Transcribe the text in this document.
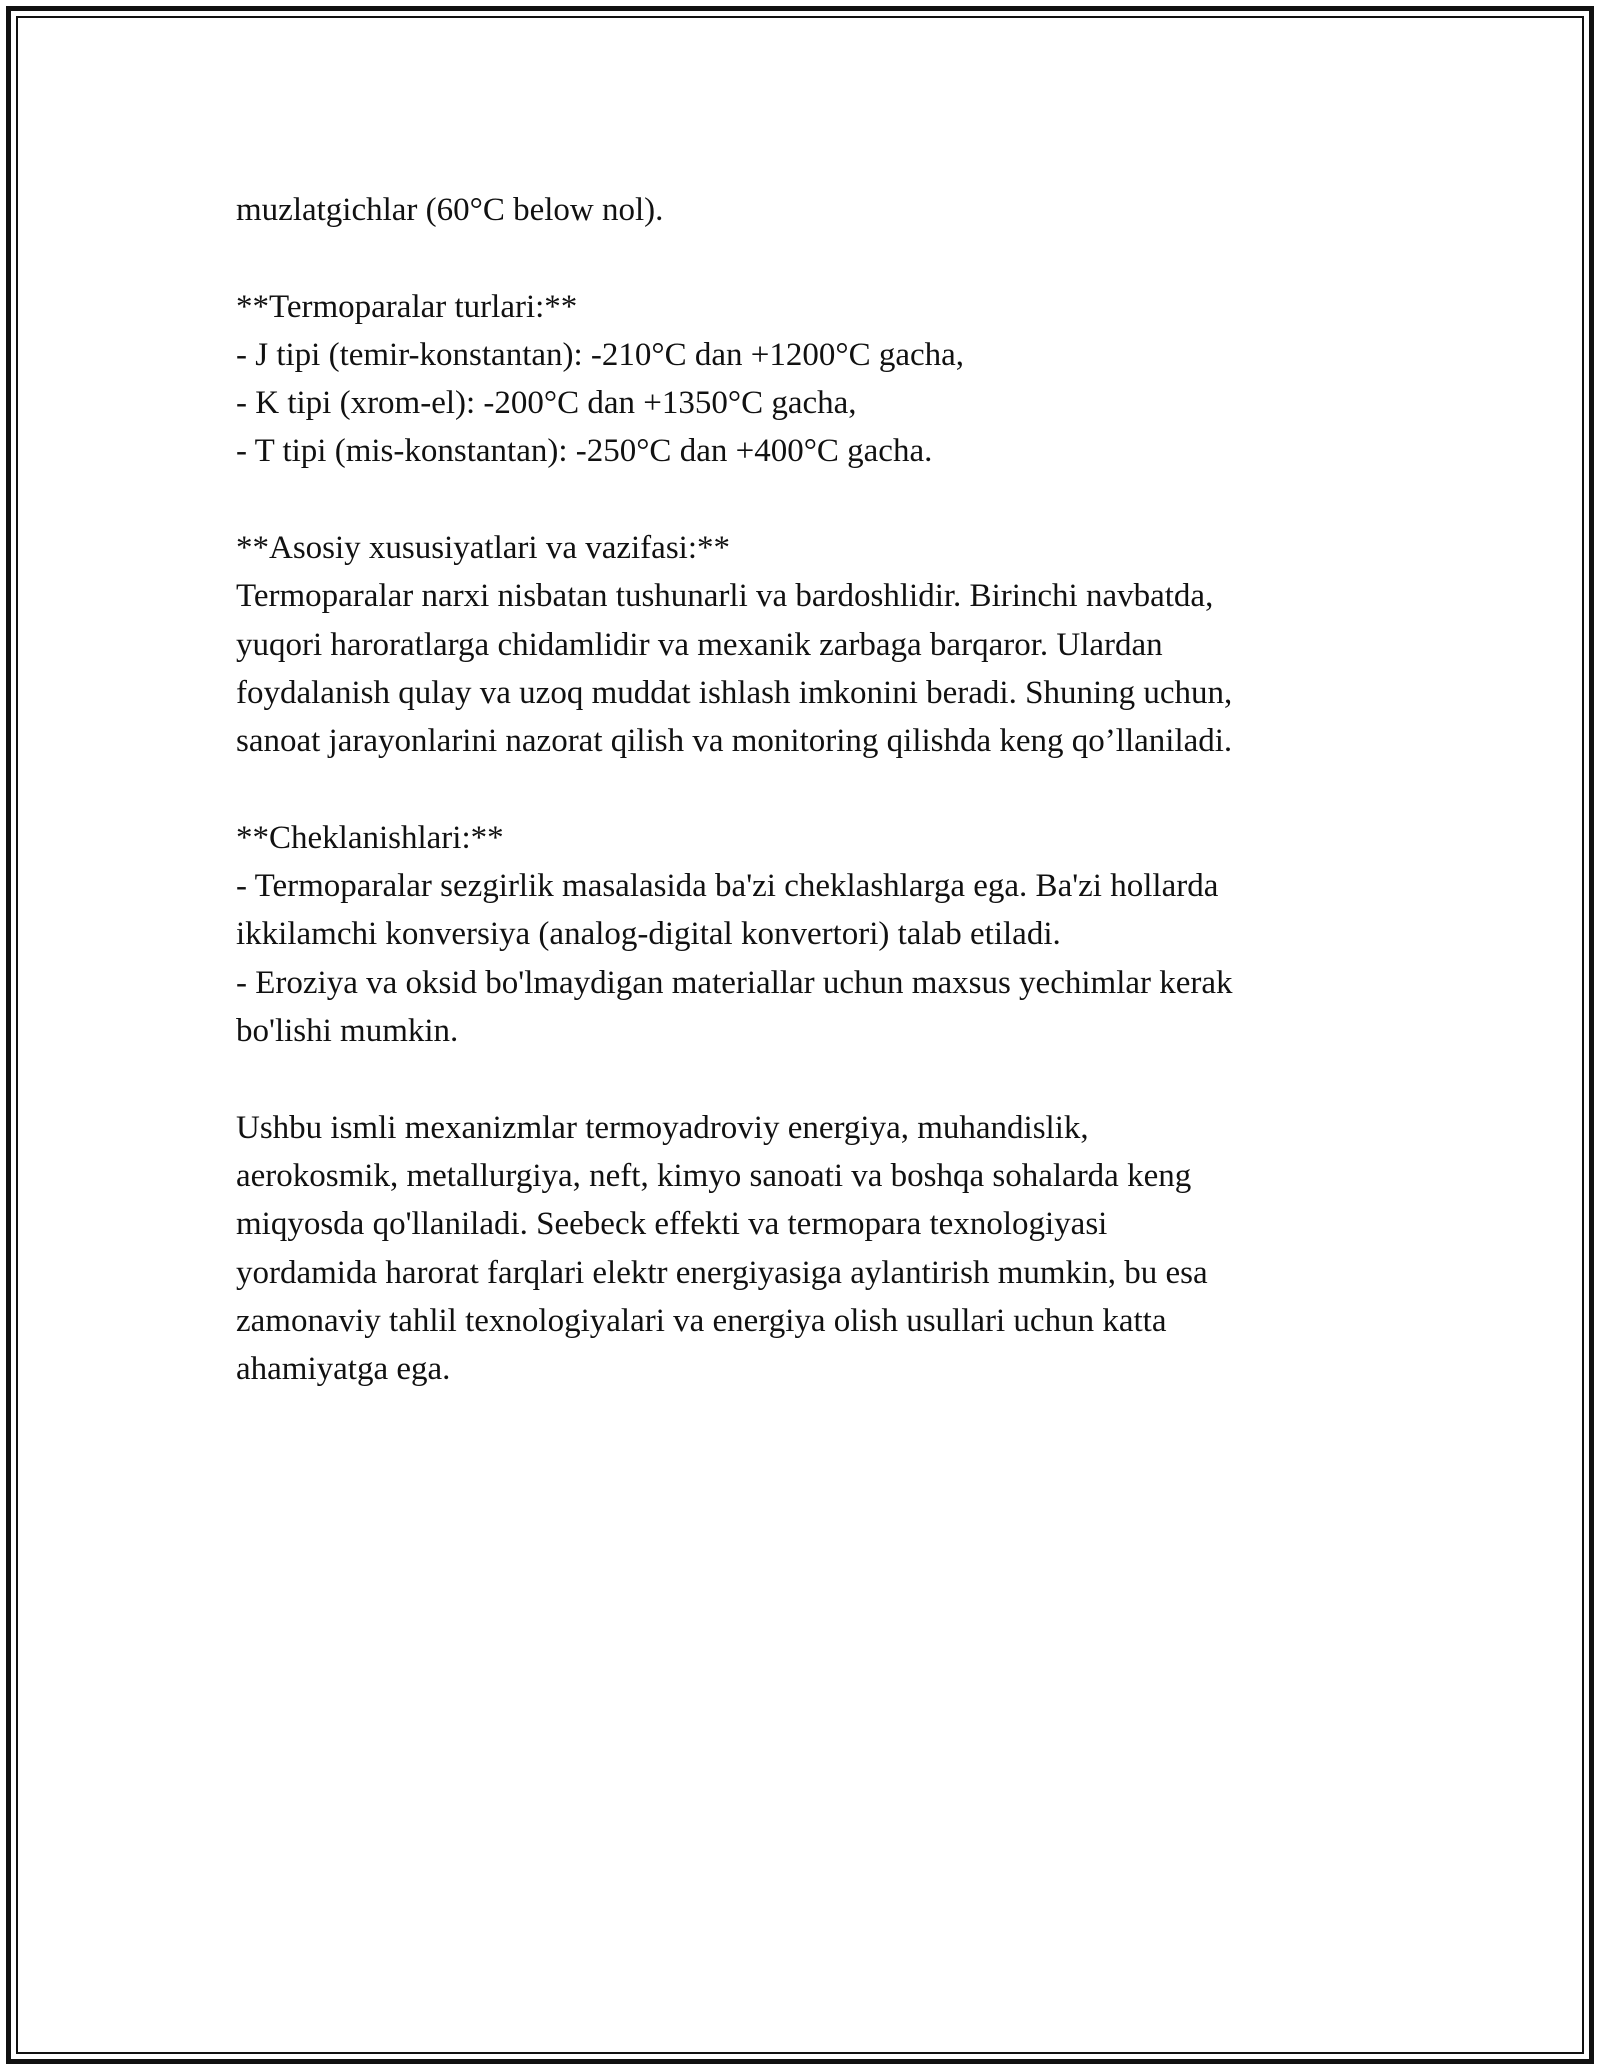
muzlatgichlar (60°C below nol).

**Termoparalar turlari:**

- J tipi (temir-konstantan): -210°C dan +1200°C gacha,

- K tipi (xrom-el): -200°C dan +1350°C gacha,

- T tipi (mis-konstantan): -250°C dan +400°C gacha.

**Asosiy xususiyatlari va vazifasi:**

Termoparalar narxi nisbatan tushunarli va bardoshlidir. Birinchi navbatda,

yuqori haroratlarga chidamlidir va mexanik zarbaga barqaror. Ulardan

foydalanish qulay va uzoq muddat ishlash imkonini beradi. Shuning uchun,

sanoat jarayonlarini nazorat qilish va monitoring qilishda keng qo’llaniladi.

**Cheklanishlari:**

- Termoparalar sezgirlik masalasida ba'zi cheklashlarga ega. Ba'zi hollarda

ikkilamchi konversiya (analog-digital konvertori) talab etiladi.

- Eroziya va oksid bo'lmaydigan materiallar uchun maxsus yechimlar kerak

bo'lishi mumkin.

Ushbu ismli mexanizmlar termoyadroviy energiya, muhandislik,

aerokosmik, metallurgiya, neft, kimyo sanoati va boshqa sohalarda keng

miqyosda qo'llaniladi. Seebeck effekti va termopara texnologiyasi

yordamida harorat farqlari elektr energiyasiga aylantirish mumkin, bu esa

zamonaviy tahlil texnologiyalari va energiya olish usullari uchun katta

ahamiyatga ega.
